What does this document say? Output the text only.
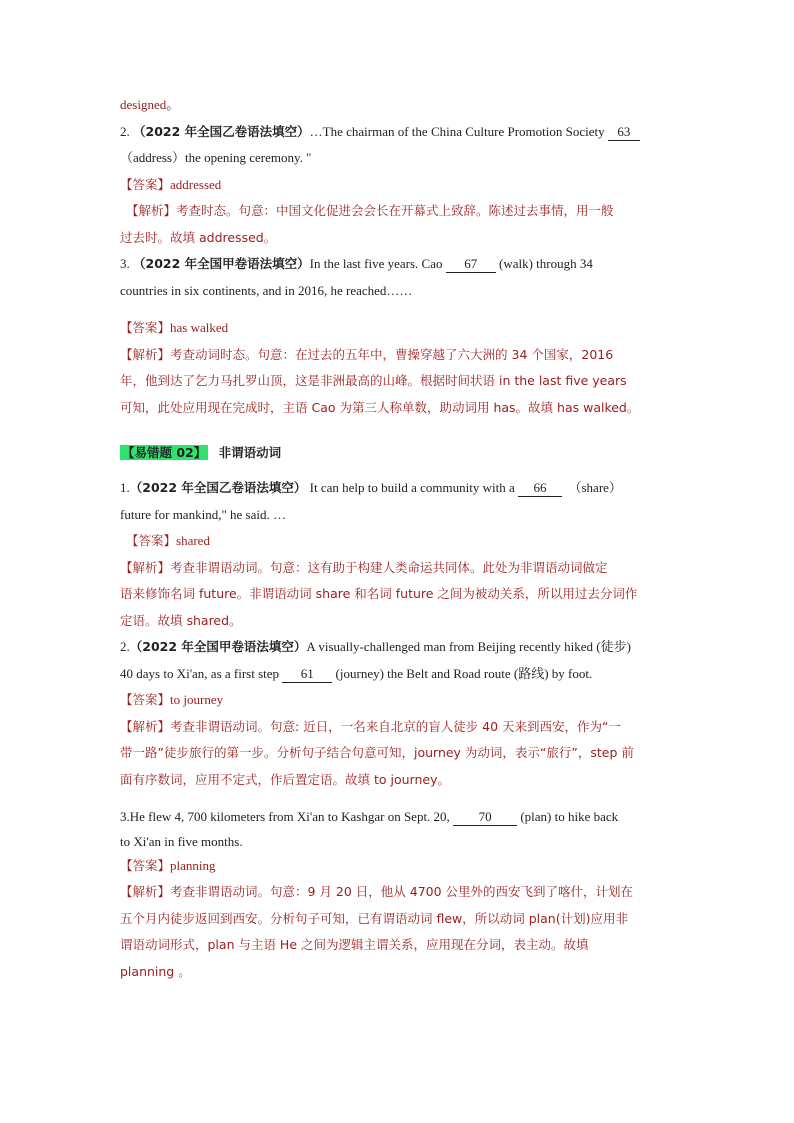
designed。
2. （2022 年全国乙卷语法填空）…The chairman of the China Culture Promotion Society 63
（address）the opening ceremony. "
【答案】addressed
【解析】考查时态。句意：中国文化促进会会长在开幕式上致辞。陈述过去事情，用一般
过去时。故填 addressed。
3. （2022 年全国甲卷语法填空）In the last five years. Cao 67 (walk) through 34
countries in six continents, and in 2016, he reached……
【答案】has walked
【解析】考查动词时态。句意：在过去的五年中，曹操穿越了六大洲的 34 个国家，2016
年，他到达了乞力马扎罗山顶，这是非洲最高的山峰。根据时间状语 in the last five years
可知，此处应用现在完成时，主语 Cao 为第三人称单数，助动词用 has。故填 has walked。
【易错题 02】 非谓语动词
1.（2022 年全国乙卷语法填空） It can help to build a community with a 66 （share）
future for mankind," he said. …
【答案】shared
【解析】考查非谓语动词。句意：这有助于构建人类命运共同体。此处为非谓语动词做定
语来修饰名词 future。非谓语动词 share 和名词 future 之间为被动关系，所以用过去分词作
定语。故填 shared。
2.（2022 年全国甲卷语法填空）A visually-challenged man from Beijing recently hiked (徒步)
40 days to Xi'an, as a first step 61 (journey) the Belt and Road route (路线) by foot.
【答案】to journey
【解析】考查非谓语动词。句意: 近日，一名来自北京的盲人徒步 40 天来到西安，作为“一
带一路”徒步旅行的第一步。分析句子结合句意可知，journey 为动词，表示“旅行”，step 前
面有序数词，应用不定式，作后置定语。故填 to journey。
3.He flew 4, 700 kilometers from Xi'an to Kashgar on Sept. 20, 70 (plan) to hike back
to Xi'an in five months.
【答案】planning
【解析】考查非谓语动词。句意：9 月 20 日，他从 4700 公里外的西安飞到了喀什，计划在
五个月内徒步返回到西安。分析句子可知，已有谓语动词 flew，所以动词 plan(计划)应用非
谓语动词形式，plan 与主语 He 之间为逻辑主谓关系，应用现在分词，表主动。故填
planning 。
